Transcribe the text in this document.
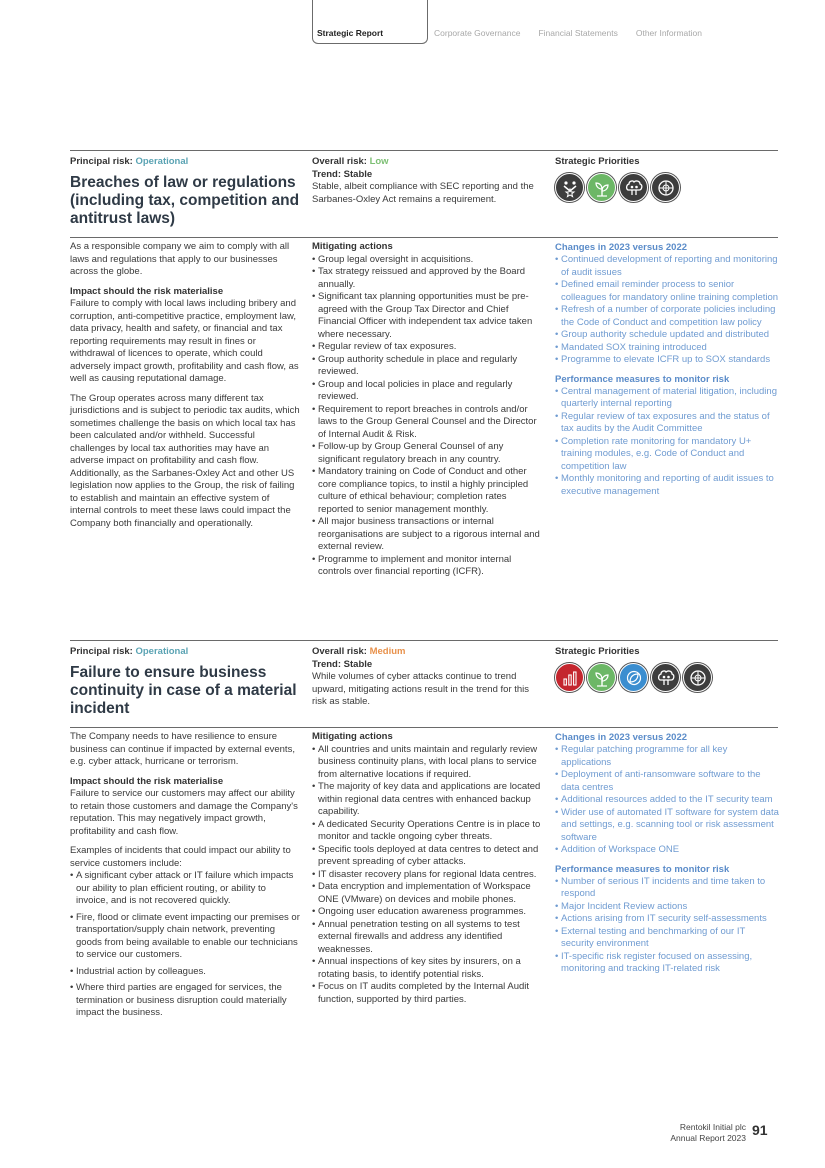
Strategic Report	Corporate Governance Financial Statements Other Information
Principal risk: Operational
Breaches of law or regulations (including tax, competition and antitrust laws)
Overall risk: Low
Trend: Stable
Stable, albeit compliance with SEC reporting and the Sarbanes-Oxley Act remains a requirement.
Strategic Priorities
As a responsible company we aim to comply with all laws and regulations that apply to our businesses across the globe.
Impact should the risk materialise
Failure to comply with local laws including bribery and corruption, anti-competitive practice, employment law, data privacy, health and safety, or financial and tax reporting requirements may result in fines or withdrawal of licences to operate, which could adversely impact growth, profitability and cash flow, as well as causing reputational damage.
The Group operates across many different tax jurisdictions and is subject to periodic tax audits, which sometimes challenge the basis on which local tax has been calculated and/or withheld. Successful challenges by local tax authorities may have an adverse impact on profitability and cash flow. Additionally, as the Sarbanes-Oxley Act and other US legislation now applies to the Group, the risk of failing to establish and maintain an effective system of internal controls to meet these laws could impact the Company both financially and operationally.
Mitigating actions
• Group legal oversight in acquisitions.
• Tax strategy reissued and approved by the Board annually.
• Significant tax planning opportunities must be pre-agreed with the Group Tax Director and Chief Financial Officer with independent tax advice taken where necessary.
• Regular review of tax exposures.
• Group authority schedule in place and regularly reviewed.
• Group and local policies in place and regularly reviewed.
• Requirement to report breaches in controls and/or laws to the Group General Counsel and the Director of Internal Audit & Risk.
• Follow-up by Group General Counsel of any significant regulatory breach in any country.
• Mandatory training on Code of Conduct and other core compliance topics, to instil a highly principled culture of ethical behaviour; completion rates reported to senior management monthly.
• All major business transactions or internal reorganisations are subject to a rigorous internal and external review.
• Programme to implement and monitor internal controls over financial reporting (ICFR).
Changes in 2023 versus 2022
• Continued development of reporting and monitoring of audit issues
• Defined email reminder process to senior colleagues for mandatory online training completion
• Refresh of a number of corporate policies including the Code of Conduct and competition law policy
• Group authority schedule updated and distributed
• Mandated SOX training introduced
• Programme to elevate ICFR up to SOX standards
Performance measures to monitor risk
• Central management of material litigation, including quarterly internal reporting
• Regular review of tax exposures and the status of tax audits by the Audit Committee
• Completion rate monitoring for mandatory U+ training modules, e.g. Code of Conduct and competition law
• Monthly monitoring and reporting of audit issues to executive management
Principal risk: Operational
Failure to ensure business continuity in case of a material incident
Overall risk: Medium
Trend: Stable
While volumes of cyber attacks continue to trend upward, mitigating actions result in the trend for this risk as stable.
Strategic Priorities
The Company needs to have resilience to ensure business can continue if impacted by external events, e.g. cyber attack, hurricane or terrorism.
Impact should the risk materialise
Failure to service our customers may affect our ability to retain those customers and damage the Company's reputation. This may negatively impact growth, profitability and cash flow.
Examples of incidents that could impact our ability to service customers include:
• A significant cyber attack or IT failure which impacts our ability to plan efficient routing, or ability to invoice, and is not recovered quickly.
• Fire, flood or climate event impacting our premises or transportation/supply chain network, preventing goods from being available to enable our technicians to service our customers.
• Industrial action by colleagues.
• Where third parties are engaged for services, the termination or business disruption could materially impact the business.
Mitigating actions
• All countries and units maintain and regularly review business continuity plans, with local plans to service from alternative locations if required.
• The majority of key data and applications are located within regional data centres with enhanced backup capability.
• A dedicated Security Operations Centre is in place to monitor and tackle ongoing cyber threats.
• Specific tools deployed at data centres to detect and prevent spreading of cyber attacks.
• IT disaster recovery plans for regional ldata centres.
• Data encryption and implementation of Workspace ONE (VMware) on devices and mobile phones.
• Ongoing user education awareness programmes.
• Annual penetration testing on all systems to test external firewalls and address any identified weaknesses.
• Annual inspections of key sites by insurers, on a rotating basis, to identify potential risks.
• Focus on IT audits completed by the Internal Audit function, supported by third parties.
Changes in 2023 versus 2022
• Regular patching programme for all key applications
• Deployment of anti-ransomware software to the data centres
• Additional resources added to the IT security team
• Wider use of automated IT software for system data and settings, e.g. scanning tool or risk assessment software
• Addition of Workspace ONE
Performance measures to monitor risk
• Number of serious IT incidents and time taken to respond
• Major Incident Review actions
• Actions arising from IT security self-assessments
• External testing and benchmarking of our IT security environment
• IT-specific risk register focused on assessing, monitoring and tracking IT-related risk
Rentokil Initial plc
Annual Report 2023 91
